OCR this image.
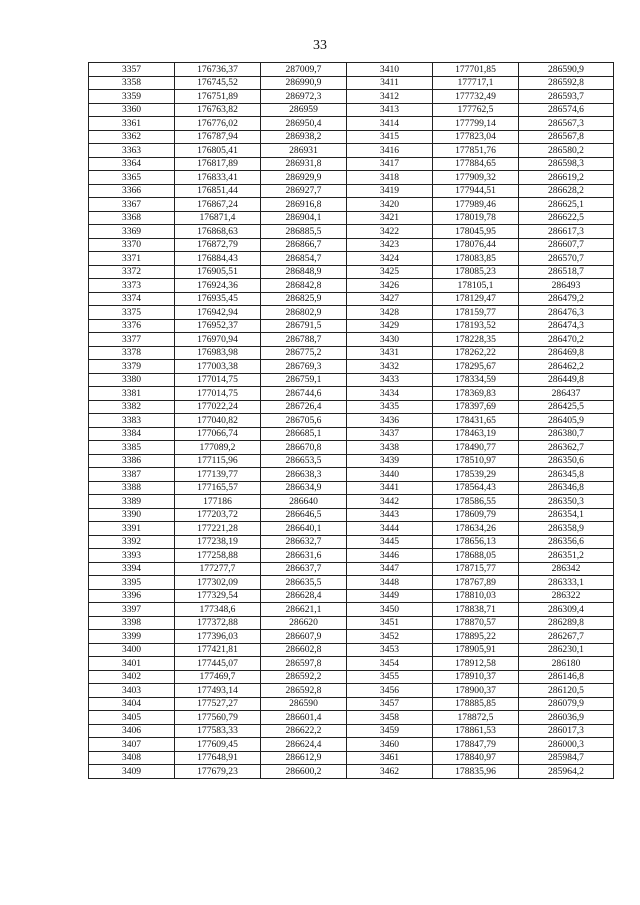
33
3357	176736,37	287009,7	3410	177701,85	286590,9
3358	176745,52	286990,9	3411	177717,1	286592,8
3359	176751,89	286972,3	3412	177732,49	286593,7
3360	176763,82	286959	3413	177762,5	286574,6
3361	176776,02	286950,4	3414	177799,14	286567,3
3362	176787,94	286938,2	3415	177823,04	286567,8
3363	176805,41	286931	3416	177851,76	286580,2
3364	176817,89	286931,8	3417	177884,65	286598,3
3365	176833,41	286929,9	3418	177909,32	286619,2
3366	176851,44	286927,7	3419	177944,51	286628,2
3367	176867,24	286916,8	3420	177989,46	286625,1
3368	176871,4	286904,1	3421	178019,78	286622,5
3369	176868,63	286885,5	3422	178045,95	286617,3
3370	176872,79	286866,7	3423	178076,44	286607,7
3371	176884,43	286854,7	3424	178083,85	286570,7
3372	176905,51	286848,9	3425	178085,23	286518,7
3373	176924,36	286842,8	3426	178105,1	286493
3374	176935,45	286825,9	3427	178129,47	286479,2
3375	176942,94	286802,9	3428	178159,77	286476,3
3376	176952,37	286791,5	3429	178193,52	286474,3
3377	176970,94	286788,7	3430	178228,35	286470,2
3378	176983,98	286775,2	3431	178262,22	286469,8
3379	177003,38	286769,3	3432	178295,67	286462,2
3380	177014,75	286759,1	3433	178334,59	286449,8
3381	177014,75	286744,6	3434	178369,83	286437
3382	177022,24	286726,4	3435	178397,69	286425,5
3383	177040,82	286705,6	3436	178431,65	286405,9
3384	177066,74	286685,1	3437	178463,19	286380,7
3385	177089,2	286670,8	3438	178490,77	286362,7
3386	177115,96	286653,5	3439	178510,97	286350,6
3387	177139,77	286638,3	3440	178539,29	286345,8
3388	177165,57	286634,9	3441	178564,43	286346,8
3389	177186	286640	3442	178586,55	286350,3
3390	177203,72	286646,5	3443	178609,79	286354,1
3391	177221,28	286640,1	3444	178634,26	286358,9
3392	177238,19	286632,7	3445	178656,13	286356,6
3393	177258,88	286631,6	3446	178688,05	286351,2
3394	177277,7	286637,7	3447	178715,77	286342
3395	177302,09	286635,5	3448	178767,89	286333,1
3396	177329,54	286628,4	3449	178810,03	286322
3397	177348,6	286621,1	3450	178838,71	286309,4
3398	177372,88	286620	3451	178870,57	286289,8
3399	177396,03	286607,9	3452	178895,22	286267,7
3400	177421,81	286602,8	3453	178905,91	286230,1
3401	177445,07	286597,8	3454	178912,58	286180
3402	177469,7	286592,2	3455	178910,37	286146,8
3403	177493,14	286592,8	3456	178900,37	286120,5
3404	177527,27	286590	3457	178885,85	286079,9
3405	177560,79	286601,4	3458	178872,5	286036,9
3406	177583,33	286622,2	3459	178861,53	286017,3
3407	177609,45	286624,4	3460	178847,79	286000,3
3408	177648,91	286612,9	3461	178840,97	285984,7
3409	177679,23	286600,2	3462	178835,96	285964,2
